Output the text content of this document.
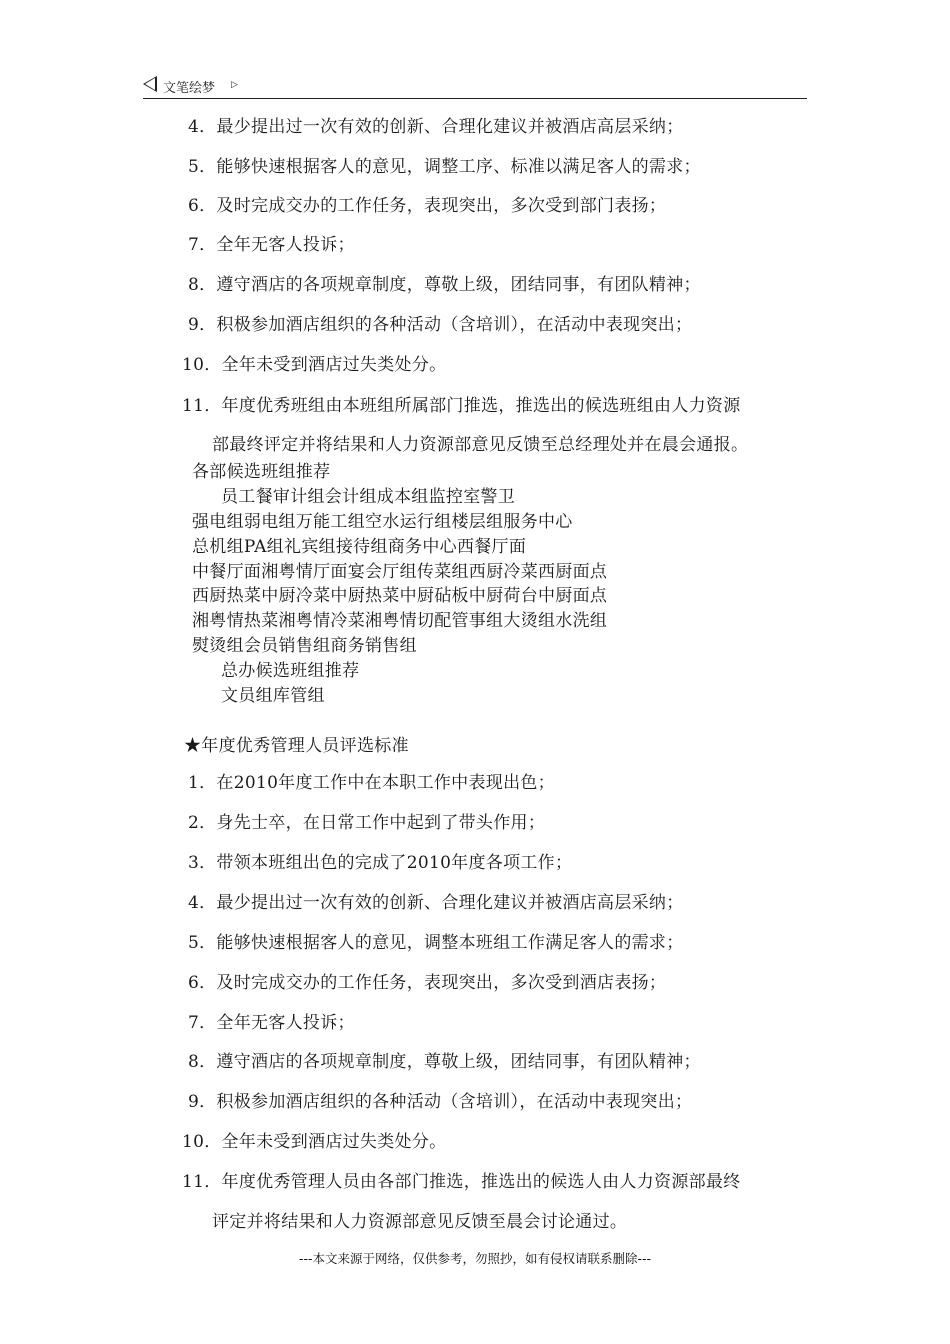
文笔绘梦 ▷
4．最少提出过一次有效的创新、合理化建议并被酒店高层采纳；
5．能够快速根据客人的意见，调整工序、标准以满足客人的需求；
6．及时完成交办的工作任务，表现突出，多次受到部门表扬；
7．全年无客人投诉；
8．遵守酒店的各项规章制度，尊敬上级，团结同事，有团队精神；
9．积极参加酒店组织的各种活动（含培训），在活动中表现突出；
10．全年未受到酒店过失类处分。
11．年度优秀班组由本班组所属部门推选，推选出的候选班组由人力资源
部最终评定并将结果和人力资源部意见反馈至总经理处并在晨会通报。
各部候选班组推荐
员工餐审计组会计组成本组监控室警卫
强电组弱电组万能工组空水运行组楼层组服务中心
总机组PA组礼宾组接待组商务中心西餐厅面
中餐厅面湘粤情厅面宴会厅组传菜组西厨冷菜西厨面点
西厨热菜中厨冷菜中厨热菜中厨砧板中厨荷台中厨面点
湘粤情热菜湘粤情冷菜湘粤情切配管事组大烫组水洗组
熨烫组会员销售组商务销售组
总办候选班组推荐
文员组库管组
★年度优秀管理人员评选标准
1．在2010年度工作中在本职工作中表现出色；
2．身先士卒，在日常工作中起到了带头作用；
3．带领本班组出色的完成了2010年度各项工作；
4．最少提出过一次有效的创新、合理化建议并被酒店高层采纳；
5．能够快速根据客人的意见，调整本班组工作满足客人的需求；
6．及时完成交办的工作任务，表现突出，多次受到酒店表扬；
7．全年无客人投诉；
8．遵守酒店的各项规章制度，尊敬上级，团结同事，有团队精神；
9．积极参加酒店组织的各种活动（含培训），在活动中表现突出；
10．全年未受到酒店过失类处分。
11．年度优秀管理人员由各部门推选，推选出的候选人由人力资源部最终
评定并将结果和人力资源部意见反馈至晨会讨论通过。
---本文来源于网络，仅供参考，勿照抄，如有侵权请联系删除---
